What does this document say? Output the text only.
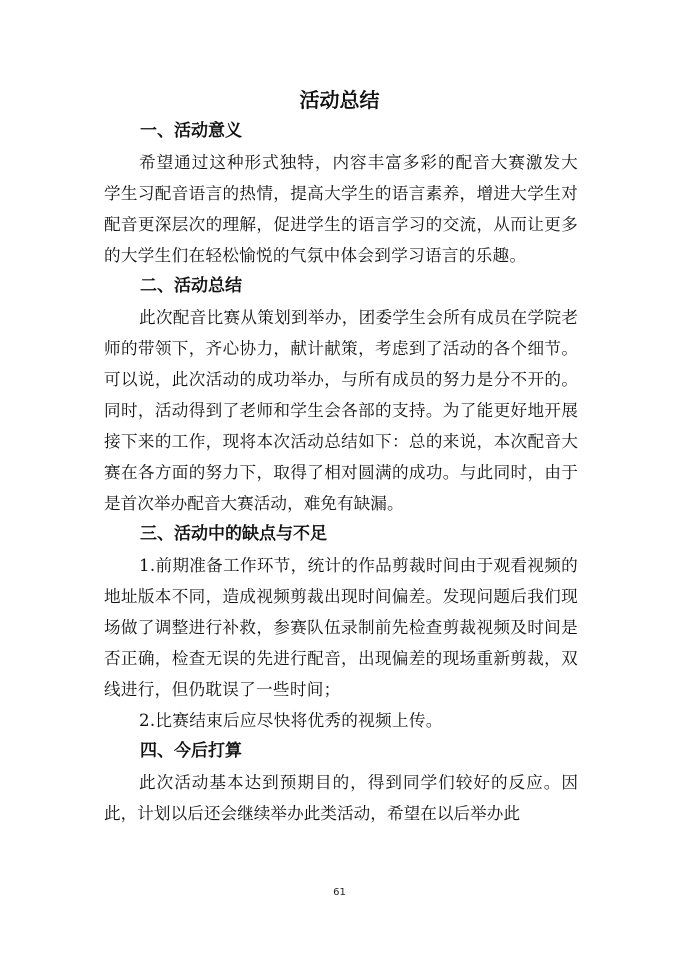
活动总结
一、活动意义

希望通过这种形式独特，内容丰富多彩的配音大赛激发大学生习配音语言的热情，提高大学生的语言素养，增进大学生对配音更深层次的理解，促进学生的语言学习的交流，从而让更多的大学生们在轻松愉悦的气氛中体会到学习语言的乐趣。

二、活动总结

此次配音比赛从策划到举办，团委学生会所有成员在学院老师的带领下，齐心协力，献计献策，考虑到了活动的各个细节。可以说，此次活动的成功举办，与所有成员的努力是分不开的。同时，活动得到了老师和学生会各部的支持。为了能更好地开展接下来的工作，现将本次活动总结如下：总的来说，本次配音大赛在各方面的努力下，取得了相对圆满的成功。与此同时，由于是首次举办配音大赛活动，难免有缺漏。

三、活动中的缺点与不足

1.前期准备工作环节，统计的作品剪裁时间由于观看视频的地址版本不同，造成视频剪裁出现时间偏差。发现问题后我们现场做了调整进行补救，参赛队伍录制前先检查剪裁视频及时间是否正确，检查无误的先进行配音，出现偏差的现场重新剪裁，双线进行，但仍耽误了一些时间；

2.比赛结束后应尽快将优秀的视频上传。

四、今后打算

此次活动基本达到预期目的，得到同学们较好的反应。因此，计划以后还会继续举办此类活动，希望在以后举办此

61
